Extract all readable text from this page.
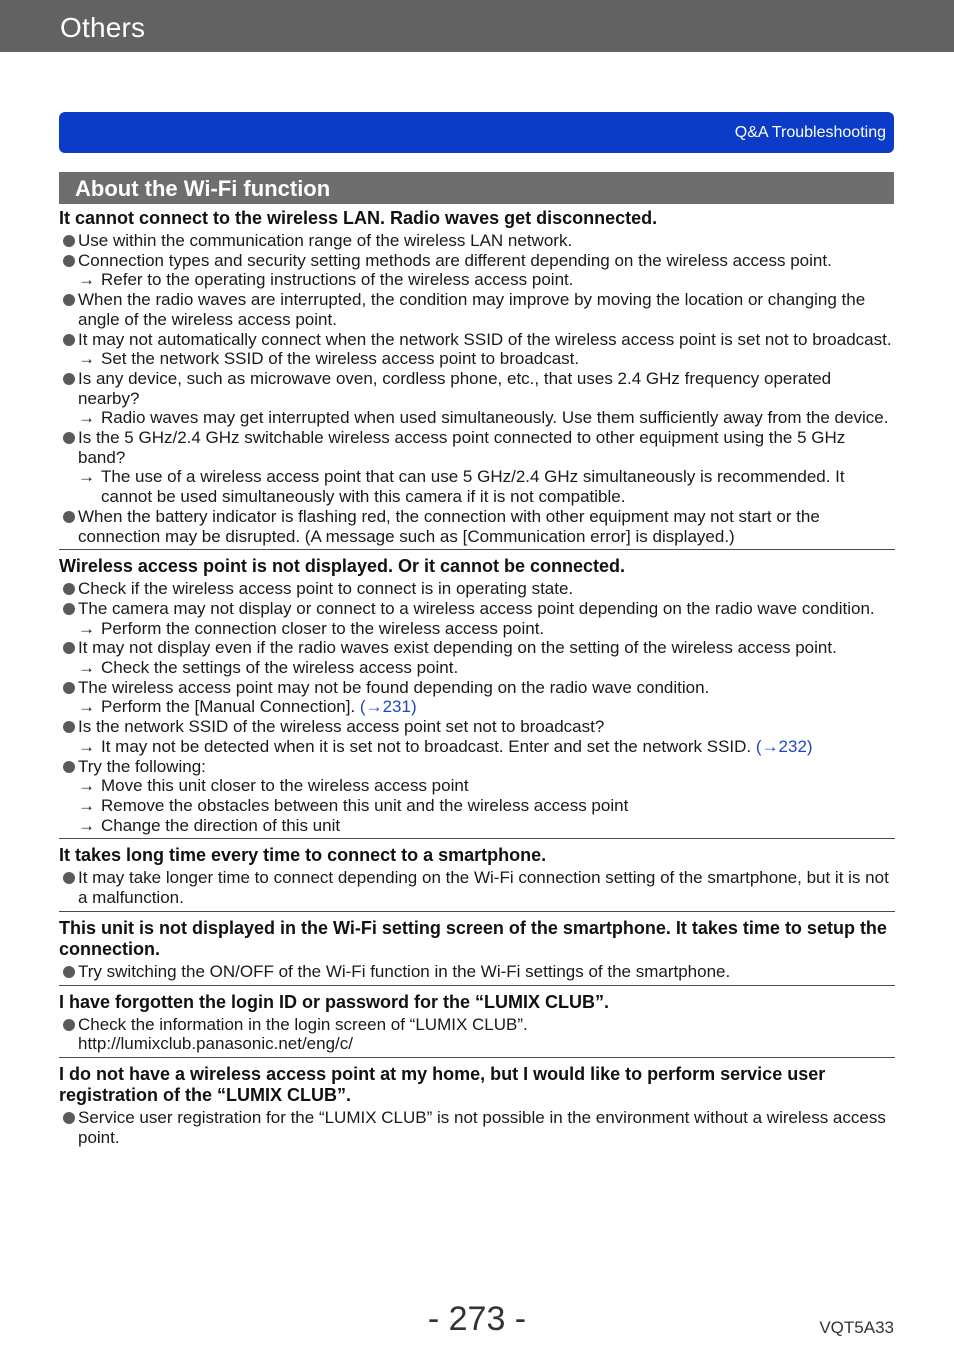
Others
Q&A Troubleshooting
About the Wi-Fi function
It cannot connect to the wireless LAN. Radio waves get disconnected.
Use within the communication range of the wireless LAN network.
Connection types and security setting methods are different depending on the wireless access point.
→ Refer to the operating instructions of the wireless access point.
When the radio waves are interrupted, the condition may improve by moving the location or changing the angle of the wireless access point.
It may not automatically connect when the network SSID of the wireless access point is set not to broadcast.
→ Set the network SSID of the wireless access point to broadcast.
Is any device, such as microwave oven, cordless phone, etc., that uses 2.4 GHz frequency operated nearby?
→ Radio waves may get interrupted when used simultaneously. Use them sufficiently away from the device.
Is the 5 GHz/2.4 GHz switchable wireless access point connected to other equipment using the 5 GHz band?
→ The use of a wireless access point that can use 5 GHz/2.4 GHz simultaneously is recommended. It cannot be used simultaneously with this camera if it is not compatible.
When the battery indicator is flashing red, the connection with other equipment may not start or the connection may be disrupted. (A message such as [Communication error] is displayed.)
Wireless access point is not displayed. Or it cannot be connected.
Check if the wireless access point to connect is in operating state.
The camera may not display or connect to a wireless access point depending on the radio wave condition.
→ Perform the connection closer to the wireless access point.
It may not display even if the radio waves exist depending on the setting of the wireless access point.
→ Check the settings of the wireless access point.
The wireless access point may not be found depending on the radio wave condition.
→ Perform the [Manual Connection]. (→231)
Is the network SSID of the wireless access point set not to broadcast?
→ It may not be detected when it is set not to broadcast. Enter and set the network SSID. (→232)
Try the following:
→ Move this unit closer to the wireless access point
→ Remove the obstacles between this unit and the wireless access point
→ Change the direction of this unit
It takes long time every time to connect to a smartphone.
It may take longer time to connect depending on the Wi-Fi connection setting of the smartphone, but it is not a malfunction.
This unit is not displayed in the Wi-Fi setting screen of the smartphone. It takes time to setup the connection.
Try switching the ON/OFF of the Wi-Fi function in the Wi-Fi settings of the smartphone.
I have forgotten the login ID or password for the “LUMIX CLUB”.
Check the information in the login screen of “LUMIX CLUB”.
http://lumixclub.panasonic.net/eng/c/
I do not have a wireless access point at my home, but I would like to perform service user registration of the “LUMIX CLUB”.
Service user registration for the “LUMIX CLUB” is not possible in the environment without a wireless access point.
- 273 -	VQT5A33
